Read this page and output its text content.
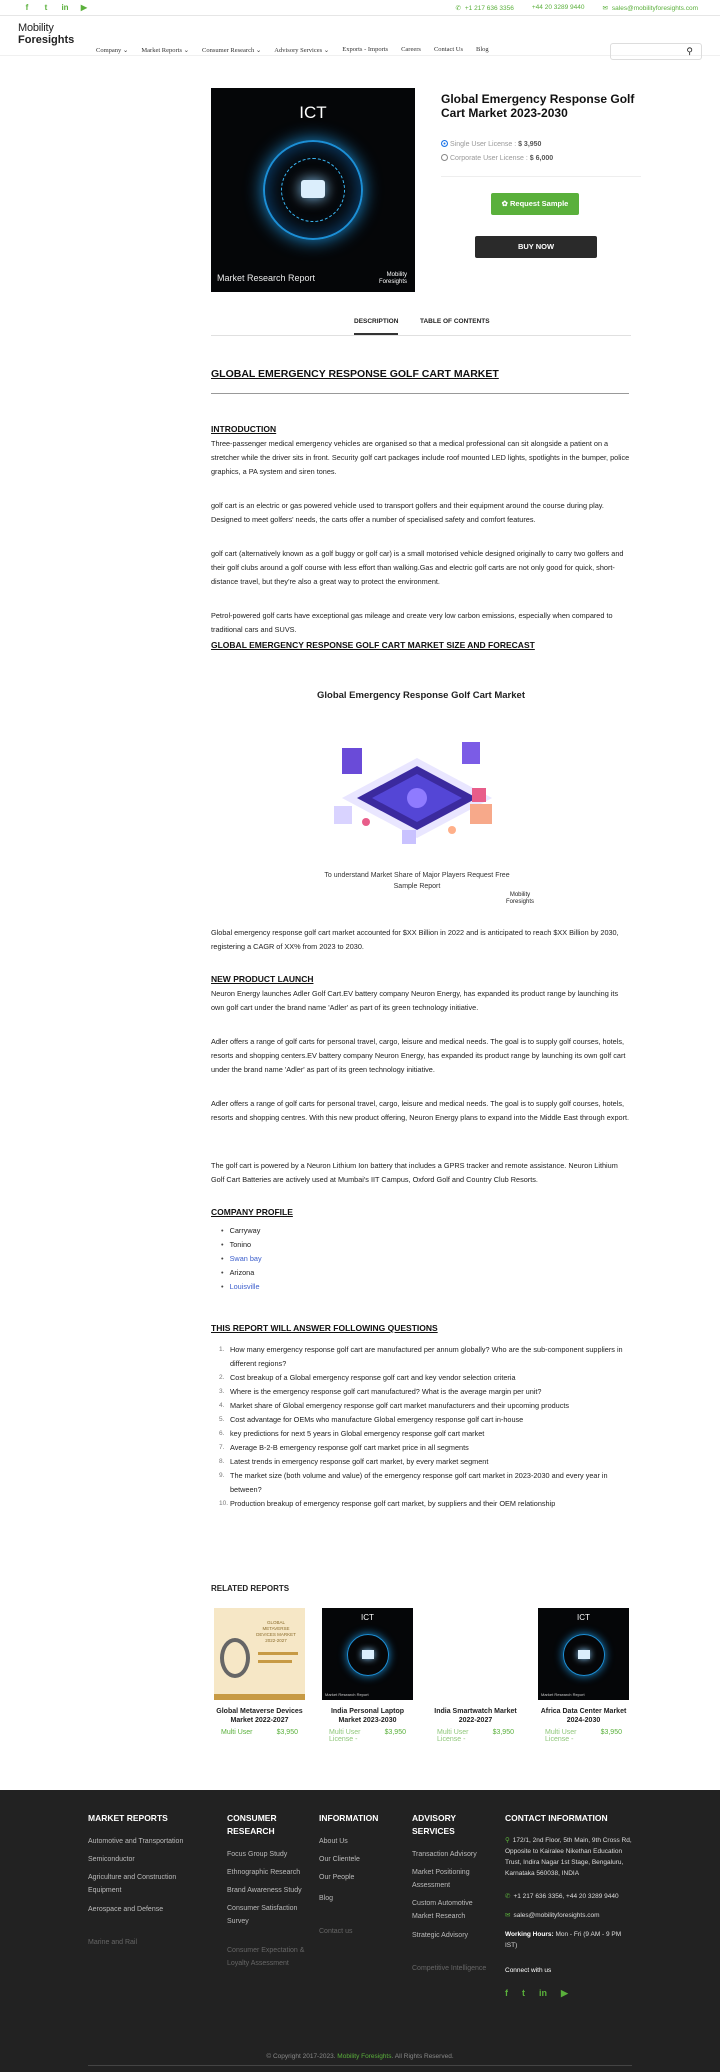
f	t	in ▶	✆ +1 217 636 3356	+44 20 3289 9440	✉ sales@mobilityforesights.com
Mobility
Foresights
Company ⌄ Market Reports ⌄ Consumer Research ⌄ Advisory Services ⌄ Exports - Imports Careers Contact Us Blog	⚲
ICT
Market Research Report	Mobility Foresights
Global Emergency Response Golf Cart Market 2023-2030
Single User License : $ 3,950
Corporate User License : $ 6,000
✿ Request Sample
BUY NOW
DESCRIPTION	TABLE OF CONTENTS
GLOBAL EMERGENCY RESPONSE GOLF CART MARKET
INTRODUCTION
Three-passenger medical emergency vehicles are organised so that a medical professional can sit alongside a patient on a stretcher while the driver sits in front. Security golf cart packages include roof mounted LED lights, spotlights in the bumper, police graphics, a PA system and siren tones.
golf cart is an electric or gas powered vehicle used to transport golfers and their equipment around the course during play. Designed to meet golfers' needs, the carts offer a number of specialised safety and comfort features.
golf cart (alternatively known as a golf buggy or golf car) is a small motorised vehicle designed originally to carry two golfers and their golf clubs around a golf course with less effort than walking.Gas and electric golf carts are not only good for quick, short-distance travel, but they're also a great way to protect the environment.
Petrol-powered golf carts have exceptional gas mileage and create very low carbon emissions, especially when compared to traditional cars and SUVS.
GLOBAL EMERGENCY RESPONSE GOLF CART MARKET SIZE AND FORECAST
Global Emergency Response Golf Cart Market
To understand Market Share of Major Players Request Free Sample Report
Mobility Foresights
Global emergency response golf cart market accounted for $XX Billion in 2022 and is anticipated to reach $XX Billion by 2030, registering a CAGR of XX% from 2023 to 2030.
NEW PRODUCT LAUNCH
Neuron Energy launches Adler Golf Cart.EV battery company Neuron Energy, has expanded its product range by launching its own golf cart under the brand name 'Adler' as part of its green technology initiative.
Adler offers a range of golf carts for personal travel, cargo, leisure and medical needs. The goal is to supply golf courses, hotels, resorts and shopping centers.EV battery company Neuron Energy, has expanded its product range by launching its own golf cart under the brand name 'Adler' as part of its green technology initiative.
Adler offers a range of golf carts for personal travel, cargo, leisure and medical needs. The goal is to supply golf courses, hotels, resorts and shopping centres. With this new product offering, Neuron Energy plans to expand into the Middle East through export.
The golf cart is powered by a Neuron Lithium Ion battery that includes a GPRS tracker and remote assistance. Neuron Lithium Golf Cart Batteries are actively used at Mumbai's IIT Campus, Oxford Golf and Country Club Resorts.
COMPANY PROFILE
• Carryway
• Tonino
• Swan bay
• Arizona
• Louisville
THIS REPORT WILL ANSWER FOLLOWING QUESTIONS
How many emergency response golf cart are manufactured per annum globally? Who are the sub-component suppliers in different regions?
Cost breakup of a Global emergency response golf cart and key vendor selection criteria
Where is the emergency response golf cart manufactured? What is the average margin per unit?
Market share of Global emergency response golf cart market manufacturers and their upcoming products
Cost advantage for OEMs who manufacture Global emergency response golf cart in-house
key predictions for next 5 years in Global emergency response golf cart market
Average B-2-B emergency response golf cart market price in all segments
Latest trends in emergency response golf cart market, by every market segment
The market size (both volume and value) of the emergency response golf cart market in 2023-2030 and every year in between?
Production breakup of emergency response golf cart market, by suppliers and their OEM relationship
RELATED REPORTS
GLOBAL METAVERSE DEVICES MARKET 2022-2027
Global Metaverse Devices Market 2022-2027
Multi User	$3,950
ICT
Market Research Report
India Personal Laptop Market 2023-2030
Multi User License -
$3,950
India Smartwatch Market 2022-2027
Multi User License -
$3,950
ICT
Market Research Report
Africa Data Center Market 2024-2030
Multi User License -
$3,950
MARKET REPORTS
Automotive and Transportation
Semiconductor
Agriculture and Construction Equipment
Aerospace and Defense
Marine and Rail
CONSUMER RESEARCH
Focus Group Study
Ethnographic Research
Brand Awareness Study
Consumer Satisfaction Survey
Consumer Expectation & Loyalty Assessment
INFORMATION
About Us
Our Clientele
Our People
Blog
Contact us
ADVISORY SERVICES
Transaction Advisory
Market Positioning Assessment
Custom Automotive Market Research
Strategic Advisory
Competitive Intelligence
CONTACT INFORMATION
⚲ 172/1, 2nd Floor, 5th Main, 9th Cross Rd, Opposite to Kairalee Nikethan Education Trust, Indira Nagar 1st Stage, Bengaluru, Karnataka 560038, INDIA
✆ +1 217 636 3356, +44 20 3289 9440
✉ sales@mobilityforesights.com
Working Hours: Mon - Fri (9 AM - 9 PM IST)
Connect with us
f t in ▶
© Copyright 2017-2023. Mobility Foresights. All Rights Reserved.
